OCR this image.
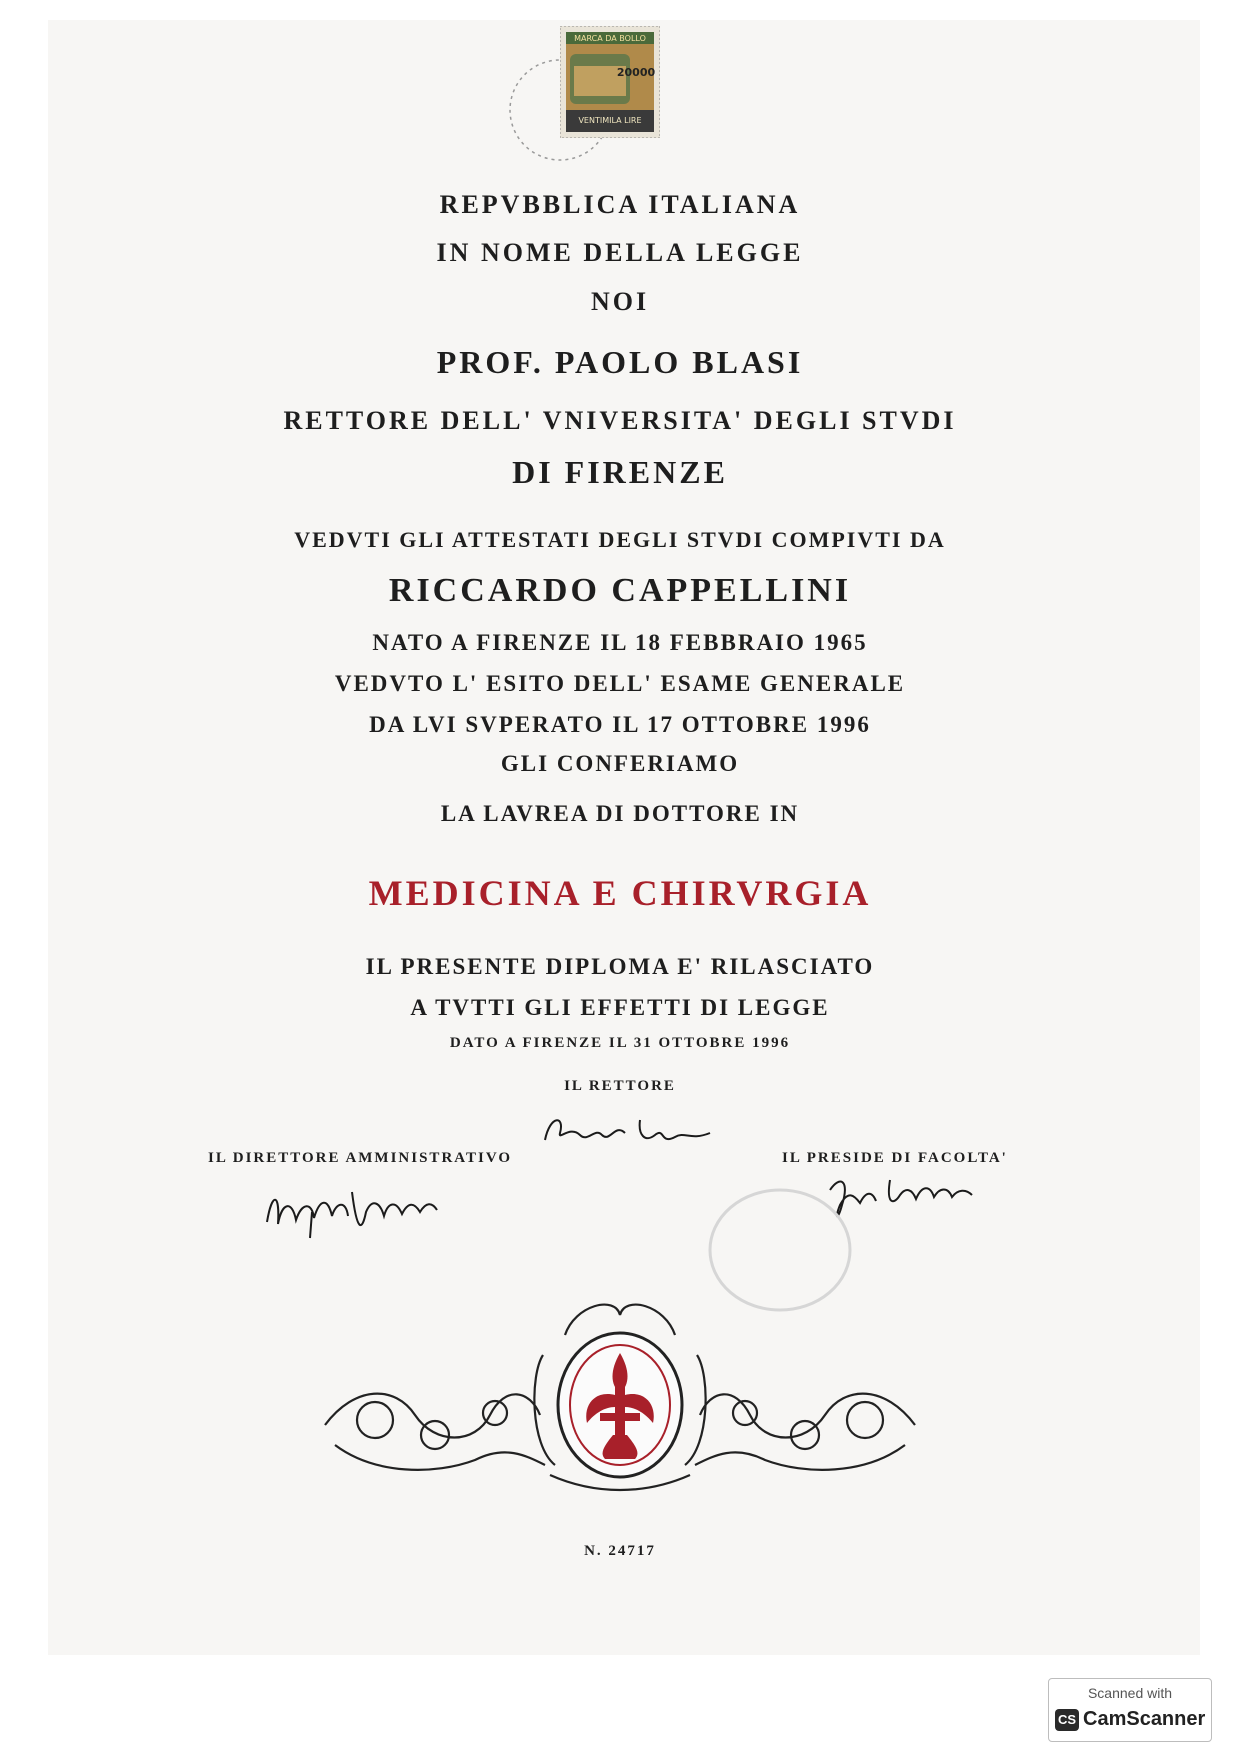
MARCA DA BOLLO
20000
VENTIMILA LIRE
REPVBBLICA ITALIANA
IN NOME DELLA LEGGE
NOI
PROF. PAOLO BLASI
RETTORE DELL' VNIVERSITA' DEGLI STVDI
DI FIRENZE
VEDVTI GLI ATTESTATI DEGLI STVDI COMPIVTI DA
RICCARDO CAPPELLINI
NATO A FIRENZE IL 18 FEBBRAIO 1965
VEDVTO L' ESITO DELL' ESAME GENERALE
DA LVI SVPERATO IL 17 OTTOBRE 1996
GLI CONFERIAMO
LA LAVREA DI DOTTORE IN
MEDICINA E CHIRVRGIA
IL PRESENTE DIPLOMA E' RILASCIATO
A TVTTI GLI EFFETTI DI LEGGE
DATO A FIRENZE IL 31 OTTOBRE 1996
IL RETTORE
IL DIRETTORE AMMINISTRATIVO	IL PRESIDE DI FACOLTA'
N. 24717
Scanned with
CS CamScanner
